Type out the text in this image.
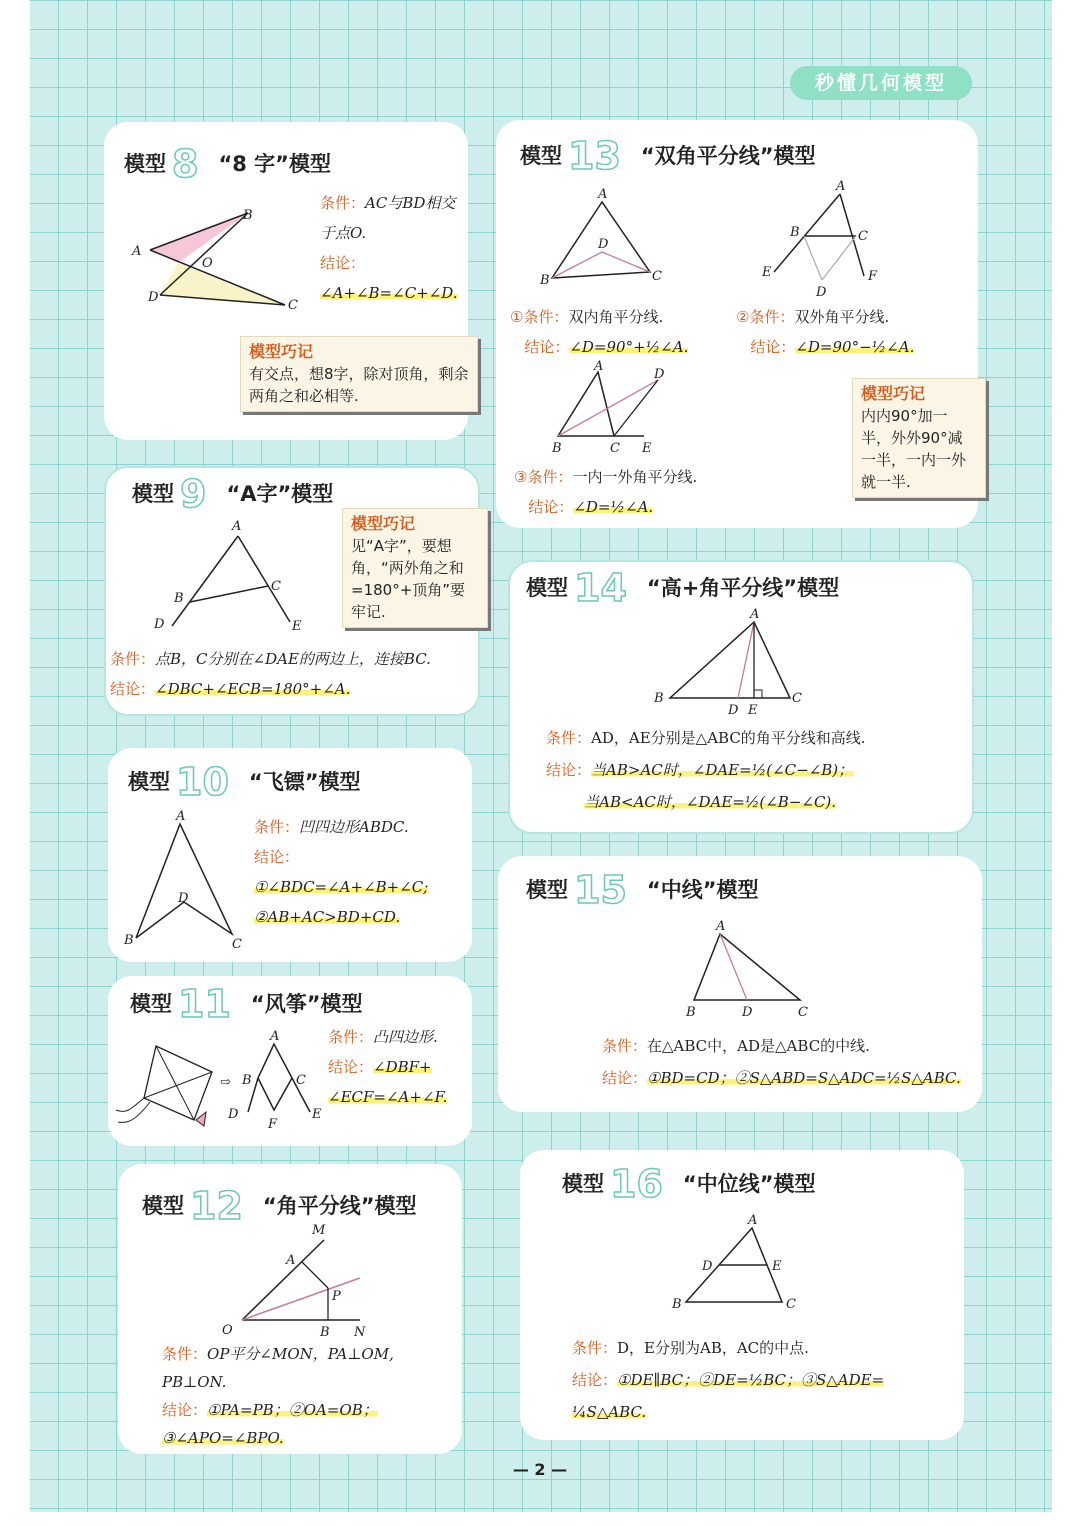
秒懂几何模型
模型 8 “8 字”模型
A
B
C
D
O
条件：AC与BD相交于点O.
结论：∠A+∠B=∠C+∠D.
模型巧记
有交点，想8字，除对顶角，剩余两角之和必相等.
模型 9 “A字”模型
A
B
C
D	E
模型巧记
见“A字”，要想角，“两外角之和=180°+顶角”要牢记.
条件：点B，C分别在∠DAE的两边上，连接BC.
结论：∠DBC+∠ECB=180°+∠A.
模型 10 “飞镖”模型
A
B	C
D
条件：凹四边形ABDC.
结论：
①∠BDC=∠A+∠B+∠C;
②AB+AC>BD+CD.
模型 11 “风筝”模型
⇨
A
B	C
D	E
F
条件：凸四边形.
结论：∠DBF+
∠ECF=∠A+∠F.
模型 12 “角平分线”模型
M
A
P
O	B N
条件：OP平分∠MON，PA⊥OM,
PB⊥ON.
结论：①PA=PB；②OA=OB；
③∠APO=∠BPO.
模型 13 “双角平分线”模型
A
B	C
D
A
B	C
E	F
D
①条件：双内角平分线.
结论：∠D=90°+½∠A.
②条件：双外角平分线.
结论：∠D=90°−½∠A.
A
B	C E
D
③条件：一内一外角平分线.
结论：∠D=½∠A.
模型巧记
内内90°加一半，外外90°减一半，一内一外就一半.
模型 14 “高+角平分线”模型
A
B	C
D E
条件：AD，AE分别是△ABC的角平分线和高线.
结论：当AB>AC时，∠DAE=½(∠C−∠B)；
当AB<AC时，∠DAE=½(∠B−∠C).
模型 15 “中线”模型
A
B	D	C
条件：在△ABC中，AD是△ABC的中线.
结论：①BD=CD；②S△ABD=S△ADC=½S△ABC.
模型 16 “中位线”模型
A
B	C
D	E
条件：D，E分别为AB，AC的中点.
结论：①DE∥BC；②DE=½BC；③S△ADE=
¼S△ABC.
— 2 —
